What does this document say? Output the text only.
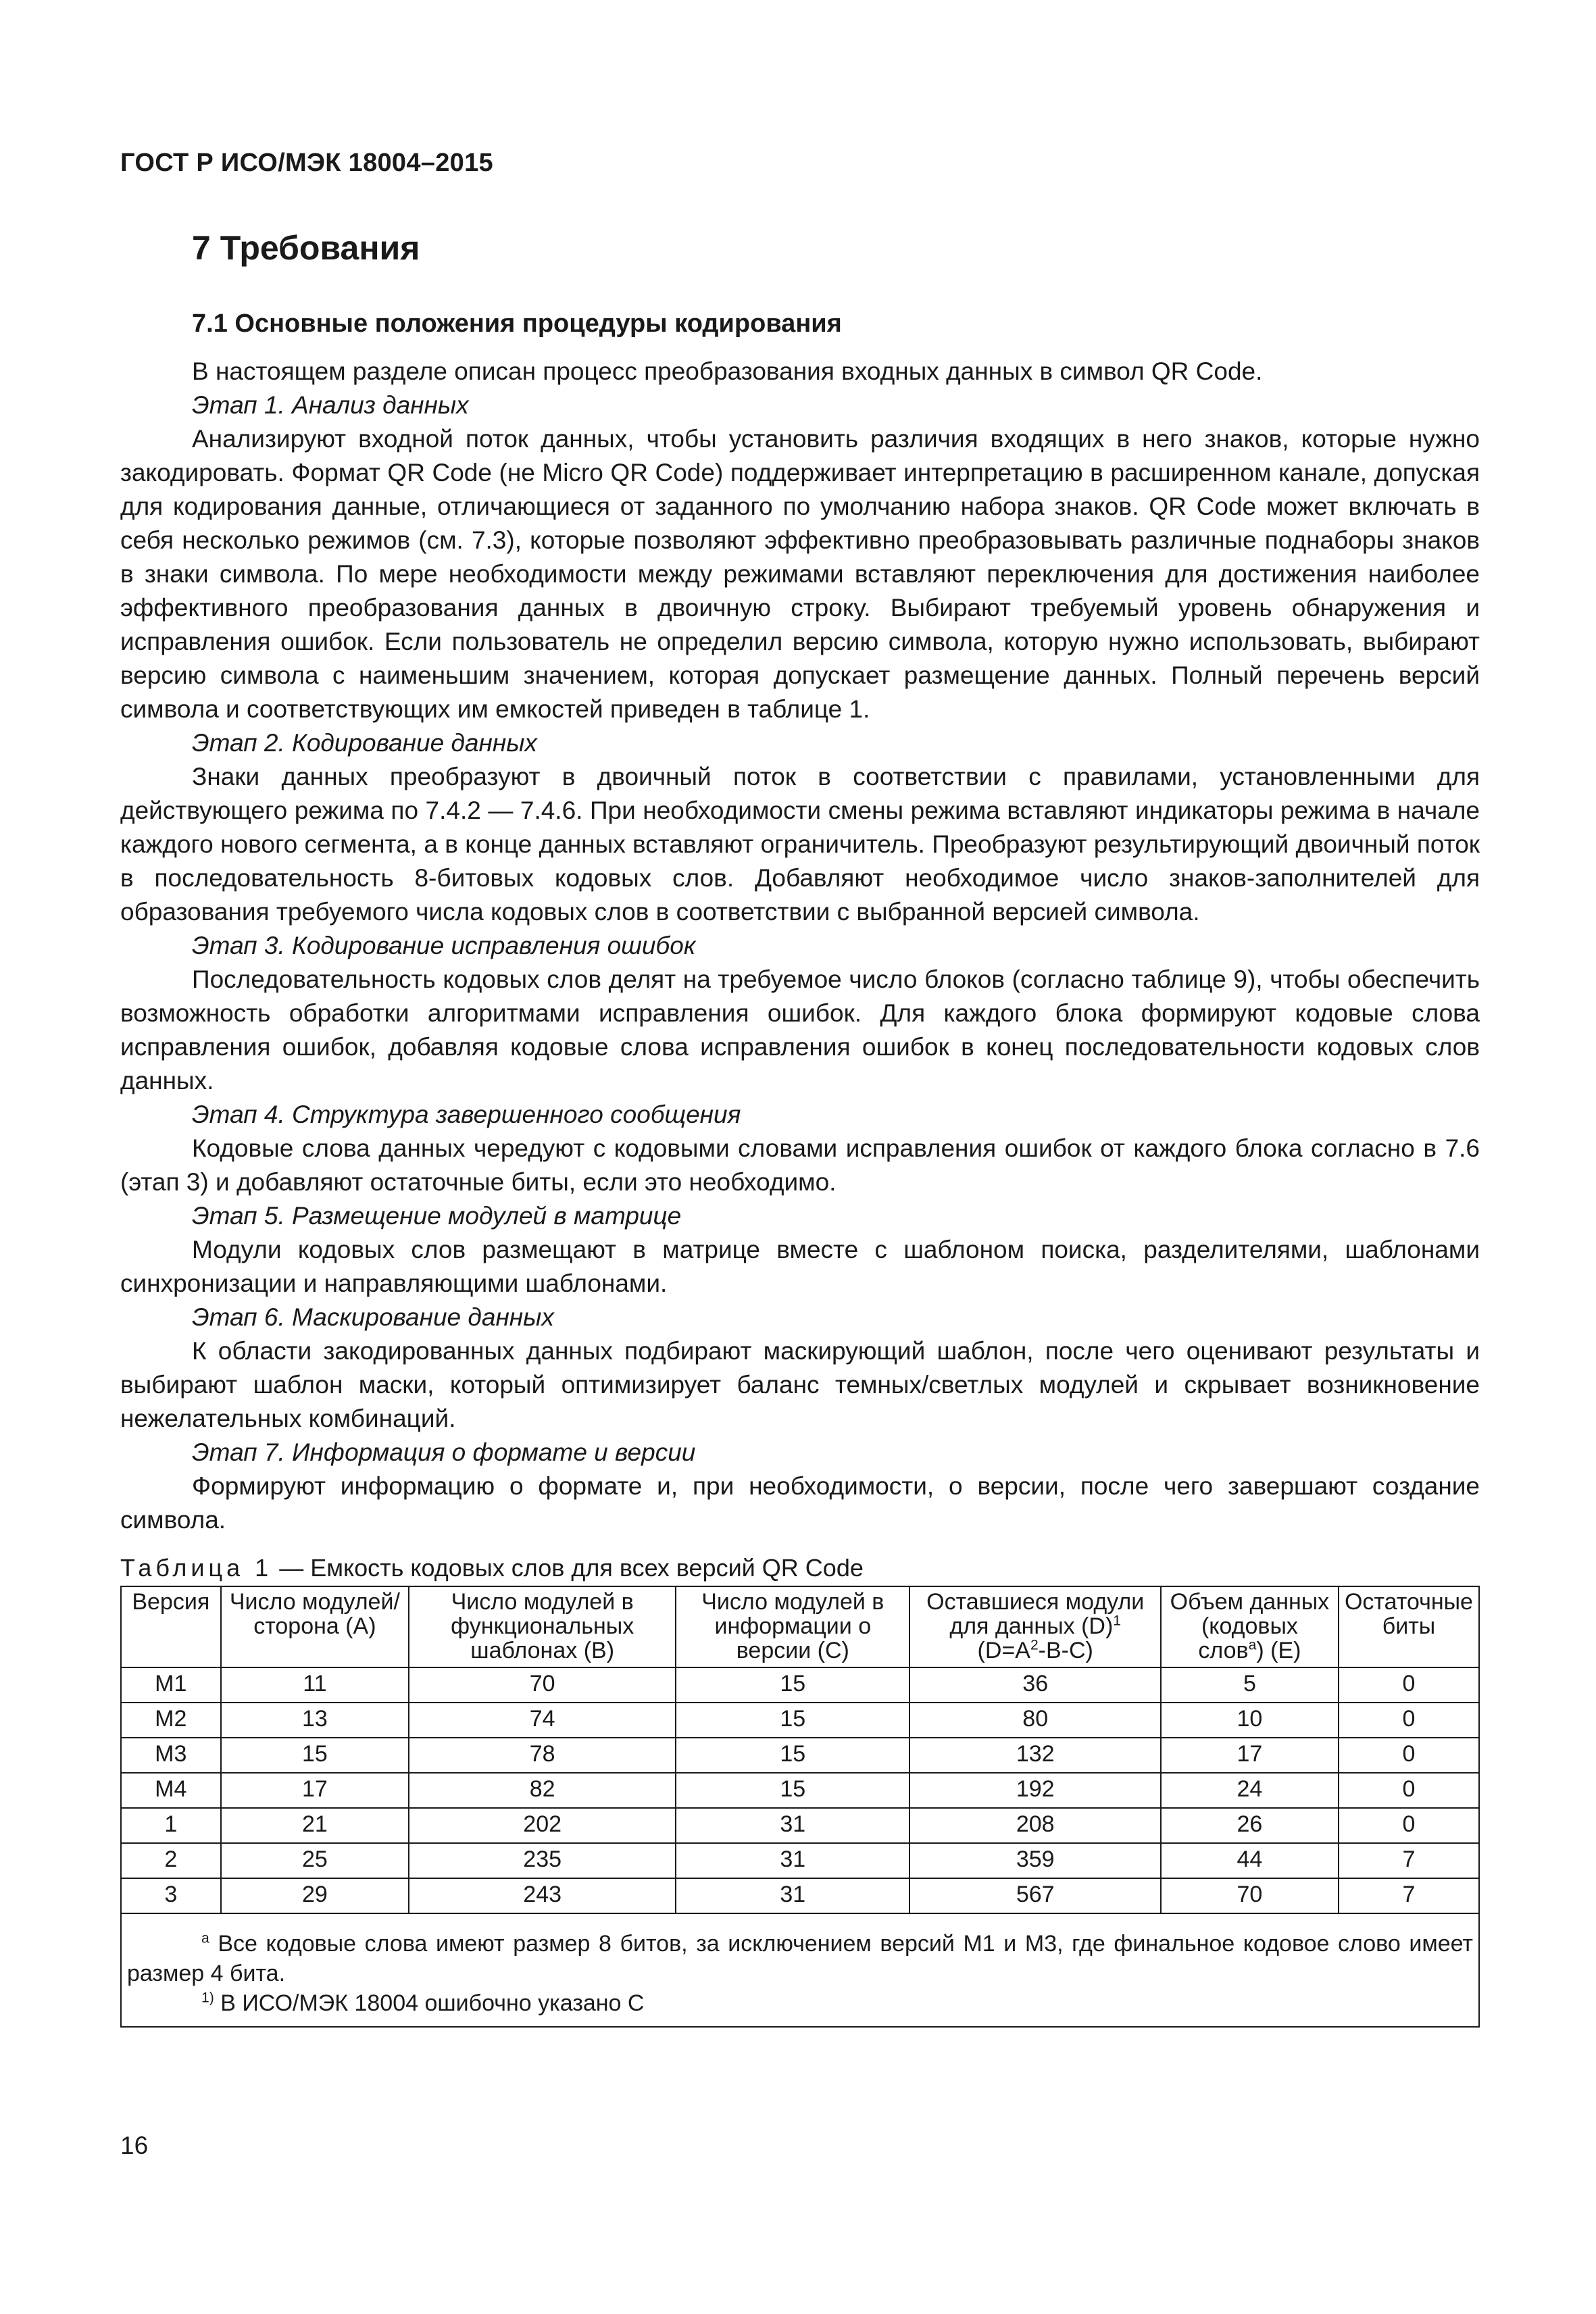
ГОСТ Р ИСО/МЭК 18004–2015
7 Требования
7.1 Основные положения процедуры кодирования

В настоящем разделе описан процесс преобразования входных данных в символ QR Code.

Этап 1. Анализ данных

Анализируют входной поток данных, чтобы установить различия входящих в него знаков, которые нужно закодировать. Формат QR Code (не Micro QR Code) поддерживает интерпретацию в расширенном канале, допуская для кодирования данные, отличающиеся от заданного по умолчанию набора знаков. QR Code может включать в себя несколько режимов (см. 7.3), которые позволяют эффективно преобразовывать различные поднаборы знаков в знаки символа. По мере необходимости между режимами вставляют переключения для достижения наиболее эффективного преобразования данных в двоичную строку. Выбирают требуемый уровень обнаружения и исправления ошибок. Если пользователь не определил версию символа, которую нужно использовать, выбирают версию символа с наименьшим значением, которая допускает размещение данных. Полный перечень версий символа и соответствующих им емкостей приведен в таблице 1.

Этап 2. Кодирование данных

Знаки данных преобразуют в двоичный поток в соответствии с правилами, установленными для действующего режима по 7.4.2 — 7.4.6. При необходимости смены режима вставляют индикаторы режима в начале каждого нового сегмента, а в конце данных вставляют ограничитель. Преобразуют результирующий двоичный поток в последовательность 8-битовых кодовых слов. Добавляют необходимое число знаков-заполнителей для образования требуемого числа кодовых слов в соответствии с выбранной версией символа.

Этап 3. Кодирование исправления ошибок

Последовательность кодовых слов делят на требуемое число блоков (согласно таблице 9), чтобы обеспечить возможность обработки алгоритмами исправления ошибок. Для каждого блока формируют кодовые слова исправления ошибок, добавляя кодовые слова исправления ошибок в конец последовательности кодовых слов данных.

Этап 4. Структура завершенного сообщения

Кодовые слова данных чередуют с кодовыми словами исправления ошибок от каждого блока согласно в 7.6 (этап 3) и добавляют остаточные биты, если это необходимо.

Этап 5. Размещение модулей в матрице

Модули кодовых слов размещают в матрице вместе с шаблоном поиска, разделителями, шаблонами синхронизации и направляющими шаблонами.

Этап 6. Маскирование данных

К области закодированных данных подбирают маскирующий шаблон, после чего оценивают результаты и выбирают шаблон маски, который оптимизирует баланс темных/светлых модулей и скрывает возникновение нежелательных комбинаций.

Этап 7. Информация о формате и версии

Формируют информацию о формате и, при необходимости, о версии, после чего завершают создание символа.

Таблица 1 — Емкость кодовых слов для всех версий QR Code
Версия	Число модулей/ сторона (A)	Число модулей в функциональных шаблонах (B)	Число модулей в информации о версии (C)	Оставшиеся модули для данных $(D)^1$
$(D=A^2-B-C)$	Объем данных (кодовых слов$^a$) (E)	Остаточные биты
M1	11	70	15	36	5	0
M2	13	74	15	80	10	0
M3	15	78	15	132	17	0
M4	17	82	15	192	24	0
1	21	202	31	208	26	0
2	25	235	31	359	44	7
3	29	243	31	567	70	7

$^a$ Все кодовые слова имеют размер 8 битов, за исключением версий M1 и M3, где финальное кодовое слово имеет размер 4 бита.

$^{1)}$ В ИСО/МЭК 18004 ошибочно указано С						

16
